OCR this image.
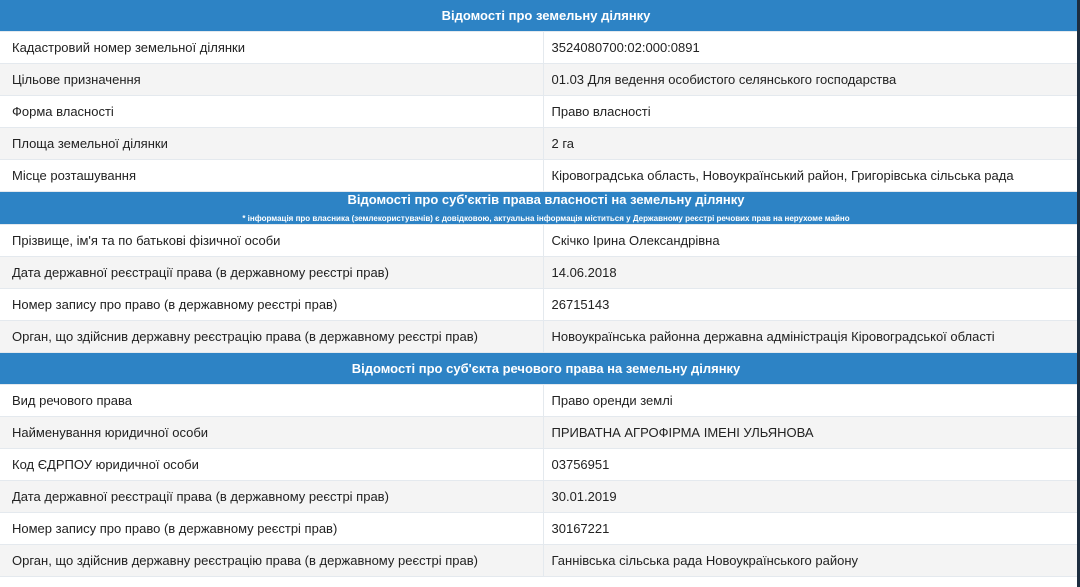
Відомості про земельну ділянку	

Кадастровий номер земельної ділянки	3524080700:02:000:0891
Цільове призначення	01.03 Для ведення особистого селянського господарства
Форма власності	Право власності
Площа земельної ділянки	2 га
Місце розташування	Кіровоградська область, Новоукраїнський район, Григорівська сільська рада

Відомості про суб'єктів права власності на земельну ділянку
* інформація про власника (землекористувачів) є довідковою, актуальна інформація міститься у Державному реєстрі речових прав на нерухоме майно	

Прізвище, ім'я та по батькові фізичної особи	Скічко Ірина Олександрівна
Дата державної реєстрації права (в державному реєстрі прав)	14.06.2018
Номер запису про право (в державному реєстрі прав)	26715143
Орган, що здійснив державну реєстрацію права (в державному реєстрі прав)	Новоукраїнська районна державна адміністрація Кіровоградської області

Відомості про суб'єкта речового права на земельну ділянку	

Вид речового права	Право оренди землі
Найменування юридичної особи	ПРИВАТНА АГРОФІРМА ІМЕНІ УЛЬЯНОВА
Код ЄДРПОУ юридичної особи	03756951
Дата державної реєстрації права (в державному реєстрі прав)	30.01.2019
Номер запису про право (в державному реєстрі прав)	30167221
Орган, що здійснив державну реєстрацію права (в державному реєстрі прав)	Ганнівська сільська рада Новоукраїнського району
